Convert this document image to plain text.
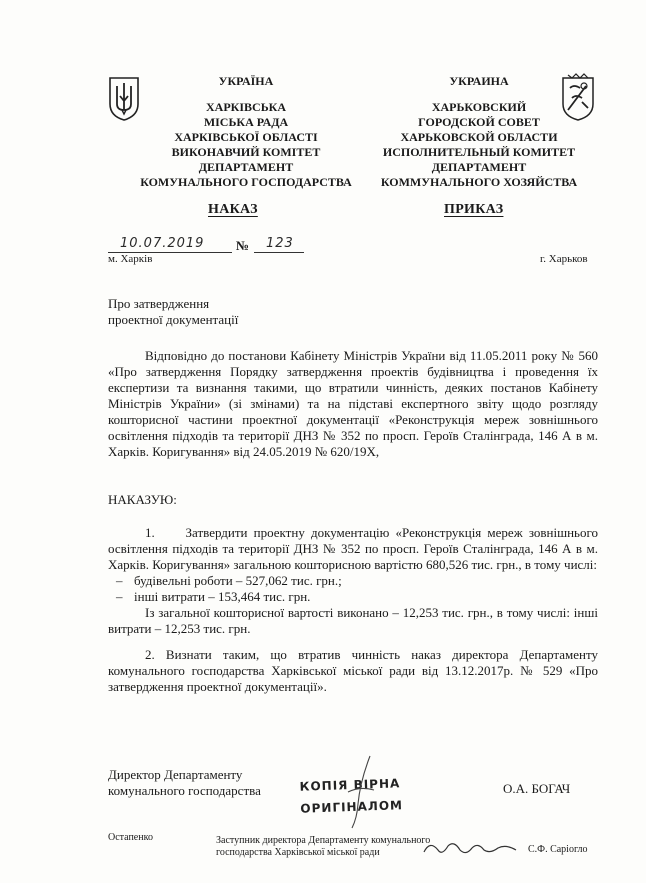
УКРАЇНА
ХАРКІВСЬКА
МІСЬКА РАДА
ХАРКІВСЬКОЇ ОБЛАСТІ
ВИКОНАВЧИЙ КОМІТЕТ
ДЕПАРТАМЕНТ
КОМУНАЛЬНОГО ГОСПОДАРСТВА
УКРАИНА
ХАРЬКОВСКИЙ
ГОРОДСКОЙ СОВЕТ
ХАРЬКОВСКОЙ ОБЛАСТИ
ИСПОЛНИТЕЛЬНЫЙ КОМИТЕТ
ДЕПАРТАМЕНТ
КОММУНАЛЬНОГО ХОЗЯЙСТВА
НАКАЗ	ПРИКАЗ
10.07.2019 № 123
м. Харків	г. Харьков
Про затвердження
проектної документації

Відповідно до постанови Кабінету Міністрів України від 11.05.2011 року № 560 «Про затвердження Порядку затвердження проектів будівництва і проведення їх експертизи та визнання такими, що втратили чинність, деяких постанов Кабінету Міністрів України» (зі змінами) та на підставі експертного звіту щодо розгляду кошторисної частини проектної документації «Реконструкція мереж зовнішнього освітлення підходів та території ДНЗ № 352 по просп. Героїв Сталінграда, 146 А в м. Харків. Коригування» від 24.05.2019 № 620/19Х,

НАКАЗУЮ:

1.     Затвердити проектну документацію «Реконструкція мереж зовнішнього освітлення підходів та території ДНЗ № 352 по просп. Героїв Сталінграда, 146 А в м. Харків. Коригування» загальною кошторисною вартістю 680,526 тис. грн., в тому числі:

– будівельні роботи – 527,062 тис. грн.;
– інші витрати – 153,464 тис. грн.

Із загальної кошторисної вартості виконано – 12,253 тис. грн., в тому числі: інші витрати – 12,253 тис. грн.

2. Визнати таким, що втратив чинність наказ директора Департаменту комунального господарства Харківської міської ради від 13.12.2017р. № 529 «Про затвердження проектної документації».

Директор Департаменту
комунального господарства	О.А. БОГАЧ
КОПІЯ ВІРНА
ОРИГІНАЛОМ
Остапенко	Заступник директора Департаменту комунального
господарства Харківської міської ради	С.Ф. Саріогло
